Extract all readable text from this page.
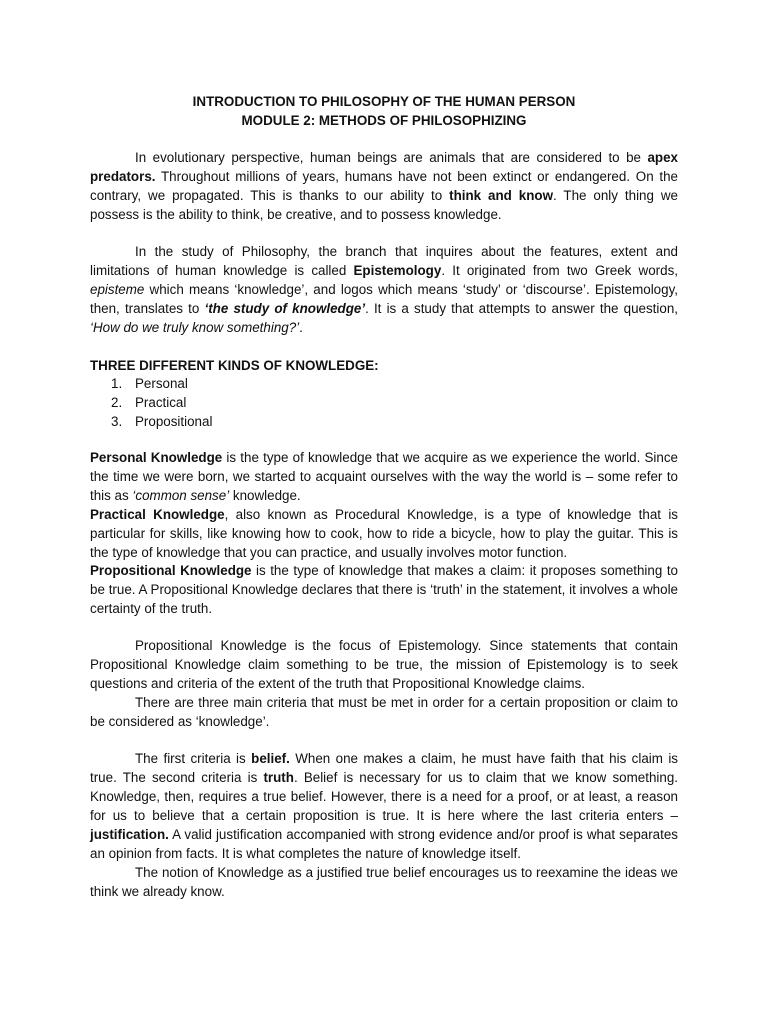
INTRODUCTION TO PHILOSOPHY OF THE HUMAN PERSON
MODULE 2: METHODS OF PHILOSOPHIZING

In evolutionary perspective, human beings are animals that are considered to be apex predators. Throughout millions of years, humans have not been extinct or endangered. On the contrary, we propagated. This is thanks to our ability to think and know. The only thing we possess is the ability to think, be creative, and to possess knowledge.

In the study of Philosophy, the branch that inquires about the features, extent and limitations of human knowledge is called Epistemology. It originated from two Greek words, episteme which means ‘knowledge’, and logos which means ‘study’ or ‘discourse’. Epistemology, then, translates to ‘the study of knowledge’. It is a study that attempts to answer the question, ‘How do we truly know something?’.

THREE DIFFERENT KINDS OF KNOWLEDGE:
1. Personal
2. Practical
3. Propositional

Personal Knowledge is the type of knowledge that we acquire as we experience the world. Since the time we were born, we started to acquaint ourselves with the way the world is – some refer to this as ‘common sense’ knowledge.

Practical Knowledge, also known as Procedural Knowledge, is a type of knowledge that is particular for skills, like knowing how to cook, how to ride a bicycle, how to play the guitar. This is the type of knowledge that you can practice, and usually involves motor function.

Propositional Knowledge is the type of knowledge that makes a claim: it proposes something to be true. A Propositional Knowledge declares that there is ‘truth’ in the statement, it involves a whole certainty of the truth.

Propositional Knowledge is the focus of Epistemology. Since statements that contain Propositional Knowledge claim something to be true, the mission of Epistemology is to seek questions and criteria of the extent of the truth that Propositional Knowledge claims.

There are three main criteria that must be met in order for a certain proposition or claim to be considered as ‘knowledge’.

The first criteria is belief. When one makes a claim, he must have faith that his claim is true. The second criteria is truth. Belief is necessary for us to claim that we know something. Knowledge, then, requires a true belief. However, there is a need for a proof, or at least, a reason for us to believe that a certain proposition is true. It is here where the last criteria enters – justification. A valid justification accompanied with strong evidence and/or proof is what separates an opinion from facts. It is what completes the nature of knowledge itself.

The notion of Knowledge as a justified true belief encourages us to reexamine the ideas we think we already know.
